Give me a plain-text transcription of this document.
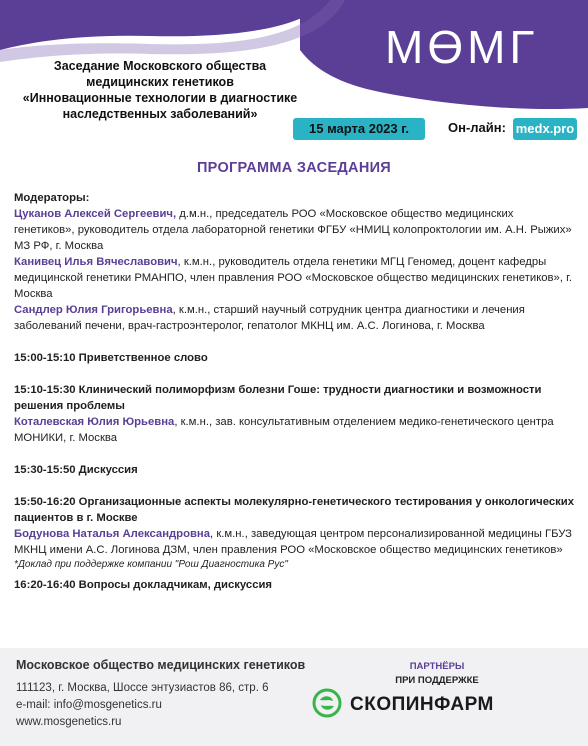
МӨМГ
Заседание Московского общества
медицинских генетиков
«Инновационные технологии в диагностике
наследственных заболеваний»
15 марта 2023 г.	Он-лайн: medx.pro
ПРОГРАММА ЗАСЕДАНИЯ

Модераторы:

Цуканов Алексей Сергеевич, д.м.н., председатель РОО «Московское общество медицинских генетиков», руководитель отдела лабораторной генетики ФГБУ «НМИЦ колопроктологии им. А.Н. Рыжих» МЗ РФ, г. Москва

Канивец Илья Вячеславович, к.м.н., руководитель отдела генетики МГЦ Геномед, доцент кафедры медицинской генетики РМАНПО, член правления РОО «Московское общество медицинских генетиков», г. Москва

Сандлер Юлия Григорьевна, к.м.н., старший научный сотрудник центра диагностики и лечения заболеваний печени, врач-гастроэнтеролог, гепатолог МКНЦ им. А.С. Логинова, г. Москва

15:00-15:10 Приветственное слово

15:10-15:30 Клинический полиморфизм болезни Гоше: трудности диагностики и возможности решения проблемы

Коталевская Юлия Юрьевна, к.м.н., зав. консультативным отделением медико-генетического центра МОНИКИ, г. Москва

15:30-15:50 Дискуссия

15:50-16:20 Организационные аспекты молекулярно-генетического тестирования у онкологических пациентов в г. Москве

Бодунова Наталья Александровна, к.м.н., заведующая центром персонализированной медицины ГБУЗ МКНЦ имени А.С. Логинова ДЗМ, член правления РОО «Московское общество медицинских генетиков»

*Доклад при поддержке компании "Рош Диагностика Рус"

16:20-16:40 Вопросы докладчикам, дискуссия

Московское общество медицинских генетиков
111123, г. Москва, Шоссе энтузиастов 86, стр. 6
e-mail: info@mosgenetics.ru
www.mosgenetics.ru
ПАРТНЁРЫ
ПРИ ПОДДЕРЖКЕ
СКОПИНФАРМ
